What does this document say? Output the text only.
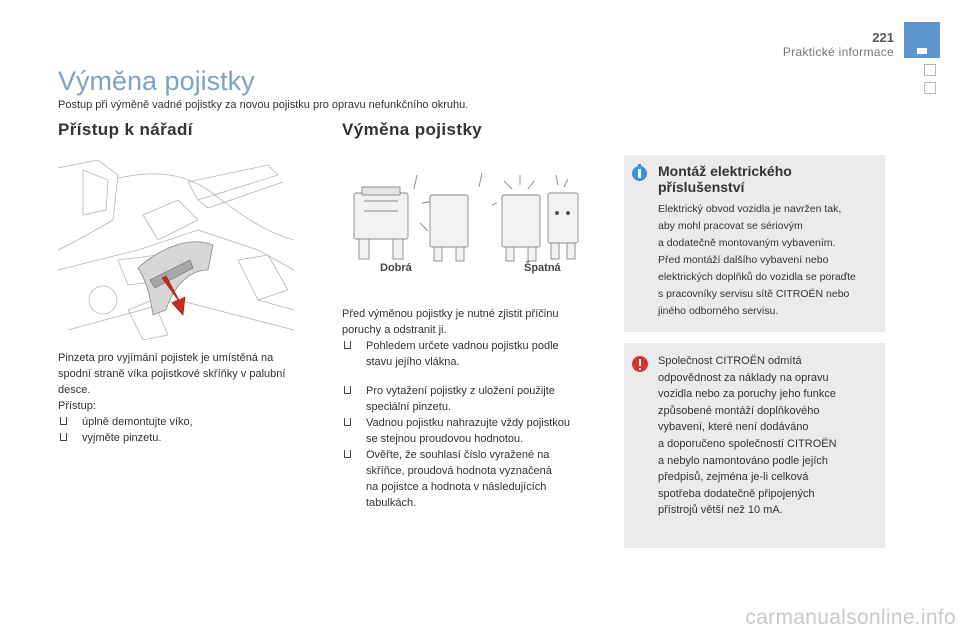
221
Praktické informace
Výměna pojistky
Postup při výměně vadné pojistky za novou pojistku pro opravu nefunkčního okruhu.
Přístup k nářadí

Pinzeta pro vyjímání pojistek je umístěná na

spodní straně víka pojistkové skříňky v palubní

desce.

Přístup:

úplně demontujte víko,

vyjměte pinzetu.

Výměna pojistky
Dobrá	Špatná

Před výměnou pojistky je nutné zjistit příčinu

poruchy a odstranit ji.

Pohledem určete vadnou pojistku podle

stavu jejího vlákna.

Pro vytažení pojistky z uložení použijte

speciální pinzetu.

Vadnou pojistku nahrazujte vždy pojistkou

se stejnou proudovou hodnotou.

Ověřte, že souhlasí číslo vyražené na

skříňce, proudová hodnota vyznačená

na pojistce a hodnota v následujících

tabulkách.

Montáž elektrického
příslušenství

Elektrický obvod vozidla je navržen tak,

aby mohl pracovat se sériovým

a dodatečně montovaným vybavením.

Před montáží dalšího vybavení nebo

elektrických doplňků do vozidla se poraďte

s pracovníky servisu sítě CITROËN nebo

jiného odborného servisu.

Společnost CITROËN odmítá

odpovědnost za náklady na opravu

vozidla nebo za poruchy jeho funkce

způsobené montáží doplňkového

vybavení, které není dodáváno

a doporučeno společností CITROËN

a nebylo namontováno podle jejích

předpisů, zejména je-li celková

spotřeba dodatečně připojených

přístrojů větší než 10 mA.

carmanualsonline.info
